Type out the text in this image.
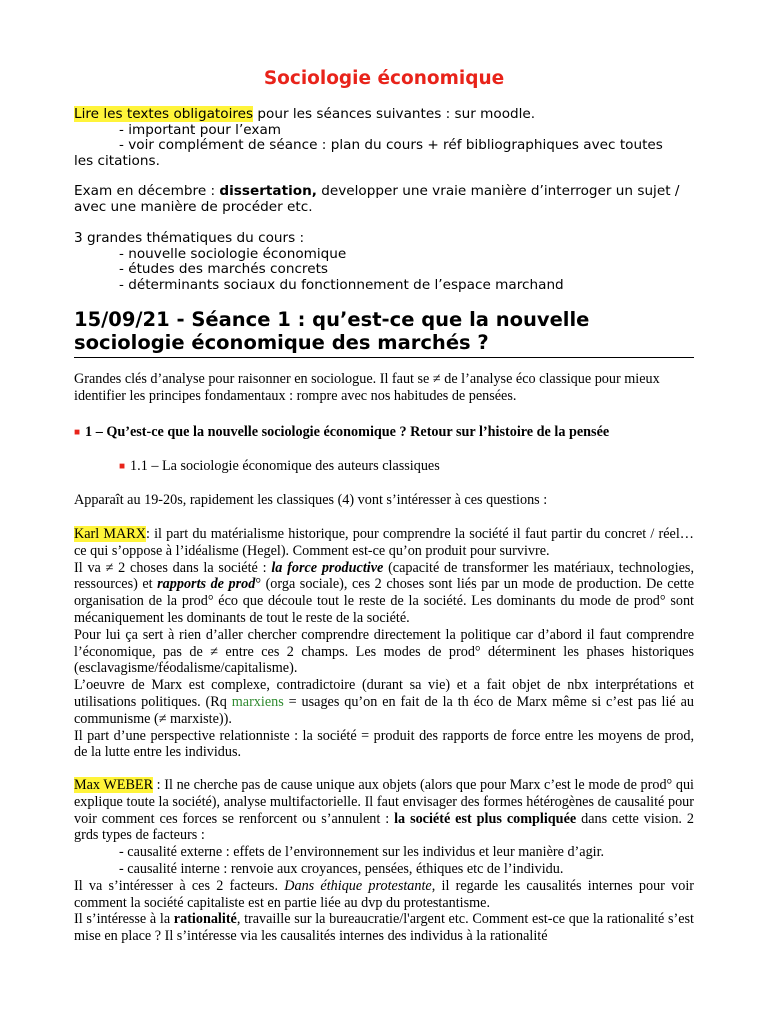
Sociologie économique
Lire les textes obligatoires pour les séances suivantes : sur moodle.
- important pour l’exam
- voir complément de séance : plan du cours + réf bibliographiques avec toutes
les citations.
Exam en décembre : dissertation, developper une vraie manière d’interroger un sujet / avec une manière de procéder etc.
3 grandes thématiques du cours :
- nouvelle sociologie économique
- études des marchés concrets
- déterminants sociaux du fonctionnement de l’espace marchand
15/09/21 - Séance 1 : qu’est-ce que la nouvelle sociologie économique des marchés ?
Grandes clés d’analyse pour raisonner en sociologue. Il faut se ≠ de l’analyse éco classique pour mieux identifier les principes fondamentaux : rompre avec nos habitudes de pensées.
■ 1 – Qu’est-ce que la nouvelle sociologie économique ? Retour sur l’histoire de la pensée
■ 1.1 – La sociologie économique des auteurs classiques
Apparaît au 19-20s, rapidement les classiques (4) vont s’intéresser à ces questions :
Karl MARX: il part du matérialisme historique, pour comprendre la société il faut partir du concret / réel…ce qui s’oppose à l’idéalisme (Hegel). Comment est-ce qu’on produit pour survivre.
Il va ≠ 2 choses dans la société : la force productive (capacité de transformer les matériaux, technologies, ressources) et rapports de prod° (orga sociale), ces 2 choses sont liés par un mode de production. De cette organisation de la prod° éco que découle tout le reste de la société. Les dominants du mode de prod° sont mécaniquement les dominants de tout le reste de la société.
Pour lui ça sert à rien d’aller chercher comprendre directement la politique car d’abord il faut comprendre l’économique, pas de ≠ entre ces 2 champs. Les modes de prod° déterminent les phases historiques (esclavagisme/féodalisme/capitalisme).
L’oeuvre de Marx est complexe, contradictoire (durant sa vie) et a fait objet de nbx interprétations et utilisations politiques. (Rq marxiens = usages qu’on en fait de la th éco de Marx même si c’est pas lié au communisme (≠ marxiste)).
Il part d’une perspective relationniste : la société = produit des rapports de force entre les moyens de prod, de la lutte entre les individus.
Max WEBER : Il ne cherche pas de cause unique aux objets (alors que pour Marx c’est le mode de prod° qui explique toute la société), analyse multifactorielle. Il faut envisager des formes hétérogènes de causalité pour voir comment ces forces se renforcent ou s’annulent : la société est plus compliquée dans cette vision. 2 grds types de facteurs :
- causalité externe : effets de l’environnement sur les individus et leur manière d’agir.
- causalité interne : renvoie aux croyances, pensées, éthiques etc de l’individu.
Il va s’intéresser à ces 2 facteurs. Dans éthique protestante, il regarde les causalités internes pour voir comment la société capitaliste est en partie liée au dvp du protestantisme.
Il s’intéresse à la rationalité, travaille sur la bureaucratie/l'argent etc. Comment est-ce que la rationalité s’est mise en place ? Il s’intéresse via les causalités internes des individus à la rationalité
